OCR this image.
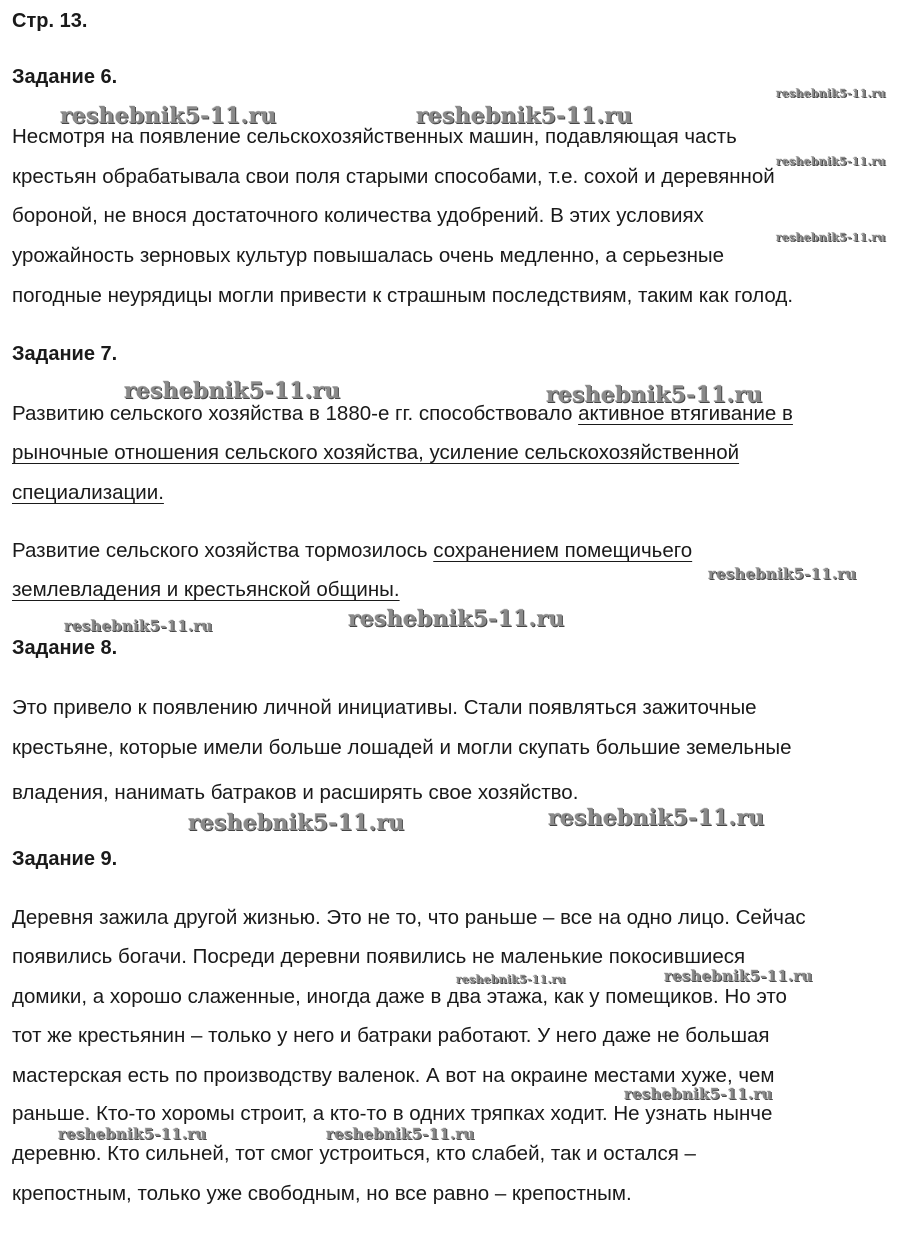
Стр. 13.
Задание 6.
Несмотря на появление сельскохозяйственных машин, подавляющая часть
крестьян обрабатывала свои поля старыми способами, т.е. сохой и деревянной
бороной, не внося достаточного количества удобрений. В этих условиях
урожайность зерновых культур повышалась очень медленно, а серьезные
погодные неурядицы могли привести к страшным последствиям, таким как голод.
Задание 7.
Развитию сельского хозяйства в 1880-е гг. способствовало активное втягивание в
рыночные отношения сельского хозяйства, усиление сельскохозяйственной
специализации.
Развитие сельского хозяйства тормозилось сохранением помещичьего
землевладения и крестьянской общины.
Задание 8.
Это привело к появлению личной инициативы. Стали появляться зажиточные
крестьяне, которые имели больше лошадей и могли скупать большие земельные
владения, нанимать батраков и расширять свое хозяйство.
Задание 9.
Деревня зажила другой жизнью. Это не то, что раньше – все на одно лицо. Сейчас
появились богачи. Посреди деревни появились не маленькие покосившиеся
домики, а хорошо слаженные, иногда даже в два этажа, как у помещиков. Но это
тот же крестьянин – только у него и батраки работают. У него даже не большая
мастерская есть по производству валенок. А вот на окраине местами хуже, чем
раньше. Кто-то хоромы строит, а кто-то в одних тряпках ходит. Не узнать нынче
деревню. Кто сильней, тот смог устроиться, кто слабей, так и остался –
крепостным, только уже свободным, но все равно – крепостным.
reshebnik5-11.ru
reshebnik5-11.ru	reshebnik5-11.ru
reshebnik5-11.ru
reshebnik5-11.ru
reshebnik5-11.ru	reshebnik5-11.ru
reshebnik5-11.ru
reshebnik5-11.ru
reshebnik5-11.ru
reshebnik5-11.ru
reshebnik5-11.ru
reshebnik5-11.ru
reshebnik5-11.ru
reshebnik5-11.ru
reshebnik5-11.ru	reshebnik5-11.ru
